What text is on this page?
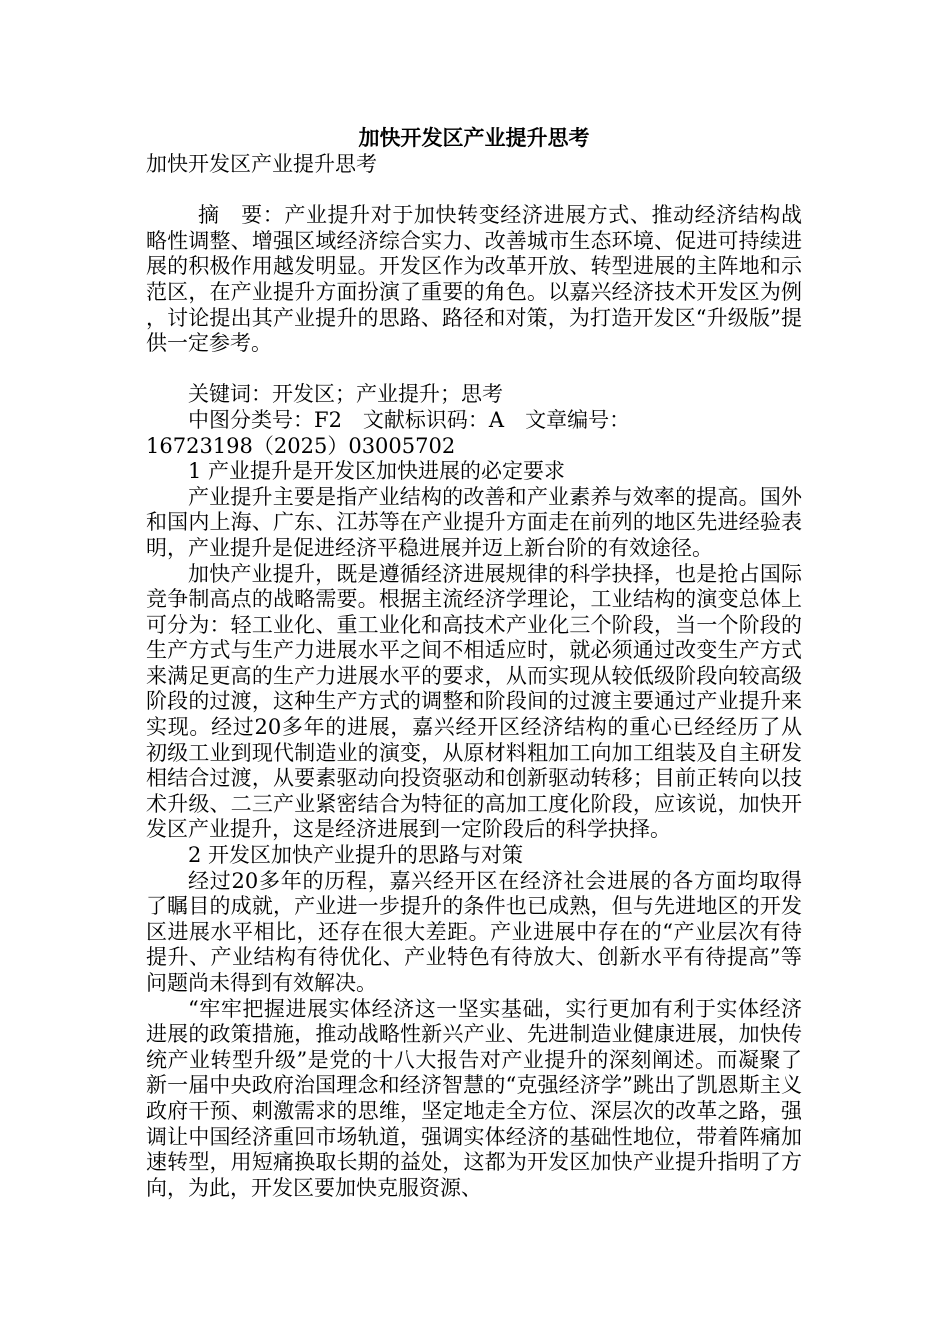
加快开发区产业提升思考

加快开发区产业提升思考

摘　要：产业提升对于加快转变经济进展方式、推动经济结构战略性调整、增强区域经济综合实力、改善城市生态环境、促进可持续进展的积极作用越发明显。开发区作为改革开放、转型进展的主阵地和示范区，在产业提升方面扮演了重要的角色。以嘉兴经济技术开发区为例，讨论提出其产业提升的思路、路径和对策，为打造开发区“升级版”提供一定参考。

关键词：开发区；产业提升；思考

中图分类号：F2　文献标识码：A　文章编号：

16723198（2025）03005702

1 产业提升是开发区加快进展的必定要求

产业提升主要是指产业结构的改善和产业素养与效率的提高。国外和国内上海、广东、江苏等在产业提升方面走在前列的地区先进经验表明，产业提升是促进经济平稳进展并迈上新台阶的有效途径。

加快产业提升，既是遵循经济进展规律的科学抉择，也是抢占国际竞争制高点的战略需要。根据主流经济学理论，工业结构的演变总体上可分为：轻工业化、重工业化和高技术产业化三个阶段，当一个阶段的生产方式与生产力进展水平之间不相适应时，就必须通过改变生产方式来满足更高的生产力进展水平的要求，从而实现从较低级阶段向较高级阶段的过渡，这种生产方式的调整和阶段间的过渡主要通过产业提升来实现。经过20多年的进展，嘉兴经开区经济结构的重心已经经历了从初级工业到现代制造业的演变，从原材料粗加工向加工组装及自主研发相结合过渡，从要素驱动向投资驱动和创新驱动转移；目前正转向以技术升级、二三产业紧密结合为特征的高加工度化阶段，应该说，加快开发区产业提升，这是经济进展到一定阶段后的科学抉择。

2 开发区加快产业提升的思路与对策

经过20多年的历程，嘉兴经开区在经济社会进展的各方面均取得了瞩目的成就，产业进一步提升的条件也已成熟，但与先进地区的开发区进展水平相比，还存在很大差距。产业进展中存在的“产业层次有待提升、产业结构有待优化、产业特色有待放大、创新水平有待提高”等问题尚未得到有效解决。

“牢牢把握进展实体经济这一坚实基础，实行更加有利于实体经济进展的政策措施，推动战略性新兴产业、先进制造业健康进展，加快传统产业转型升级”是党的十八大报告对产业提升的深刻阐述。而凝聚了新一届中央政府治国理念和经济智慧的“克强经济学”跳出了凯恩斯主义政府干预、刺激需求的思维，坚定地走全方位、深层次的改革之路，强调让中国经济重回市场轨道，强调实体经济的基础性地位，带着阵痛加速转型，用短痛换取长期的益处，这都为开发区加快产业提升指明了方向，为此，开发区要加快克服资源、
